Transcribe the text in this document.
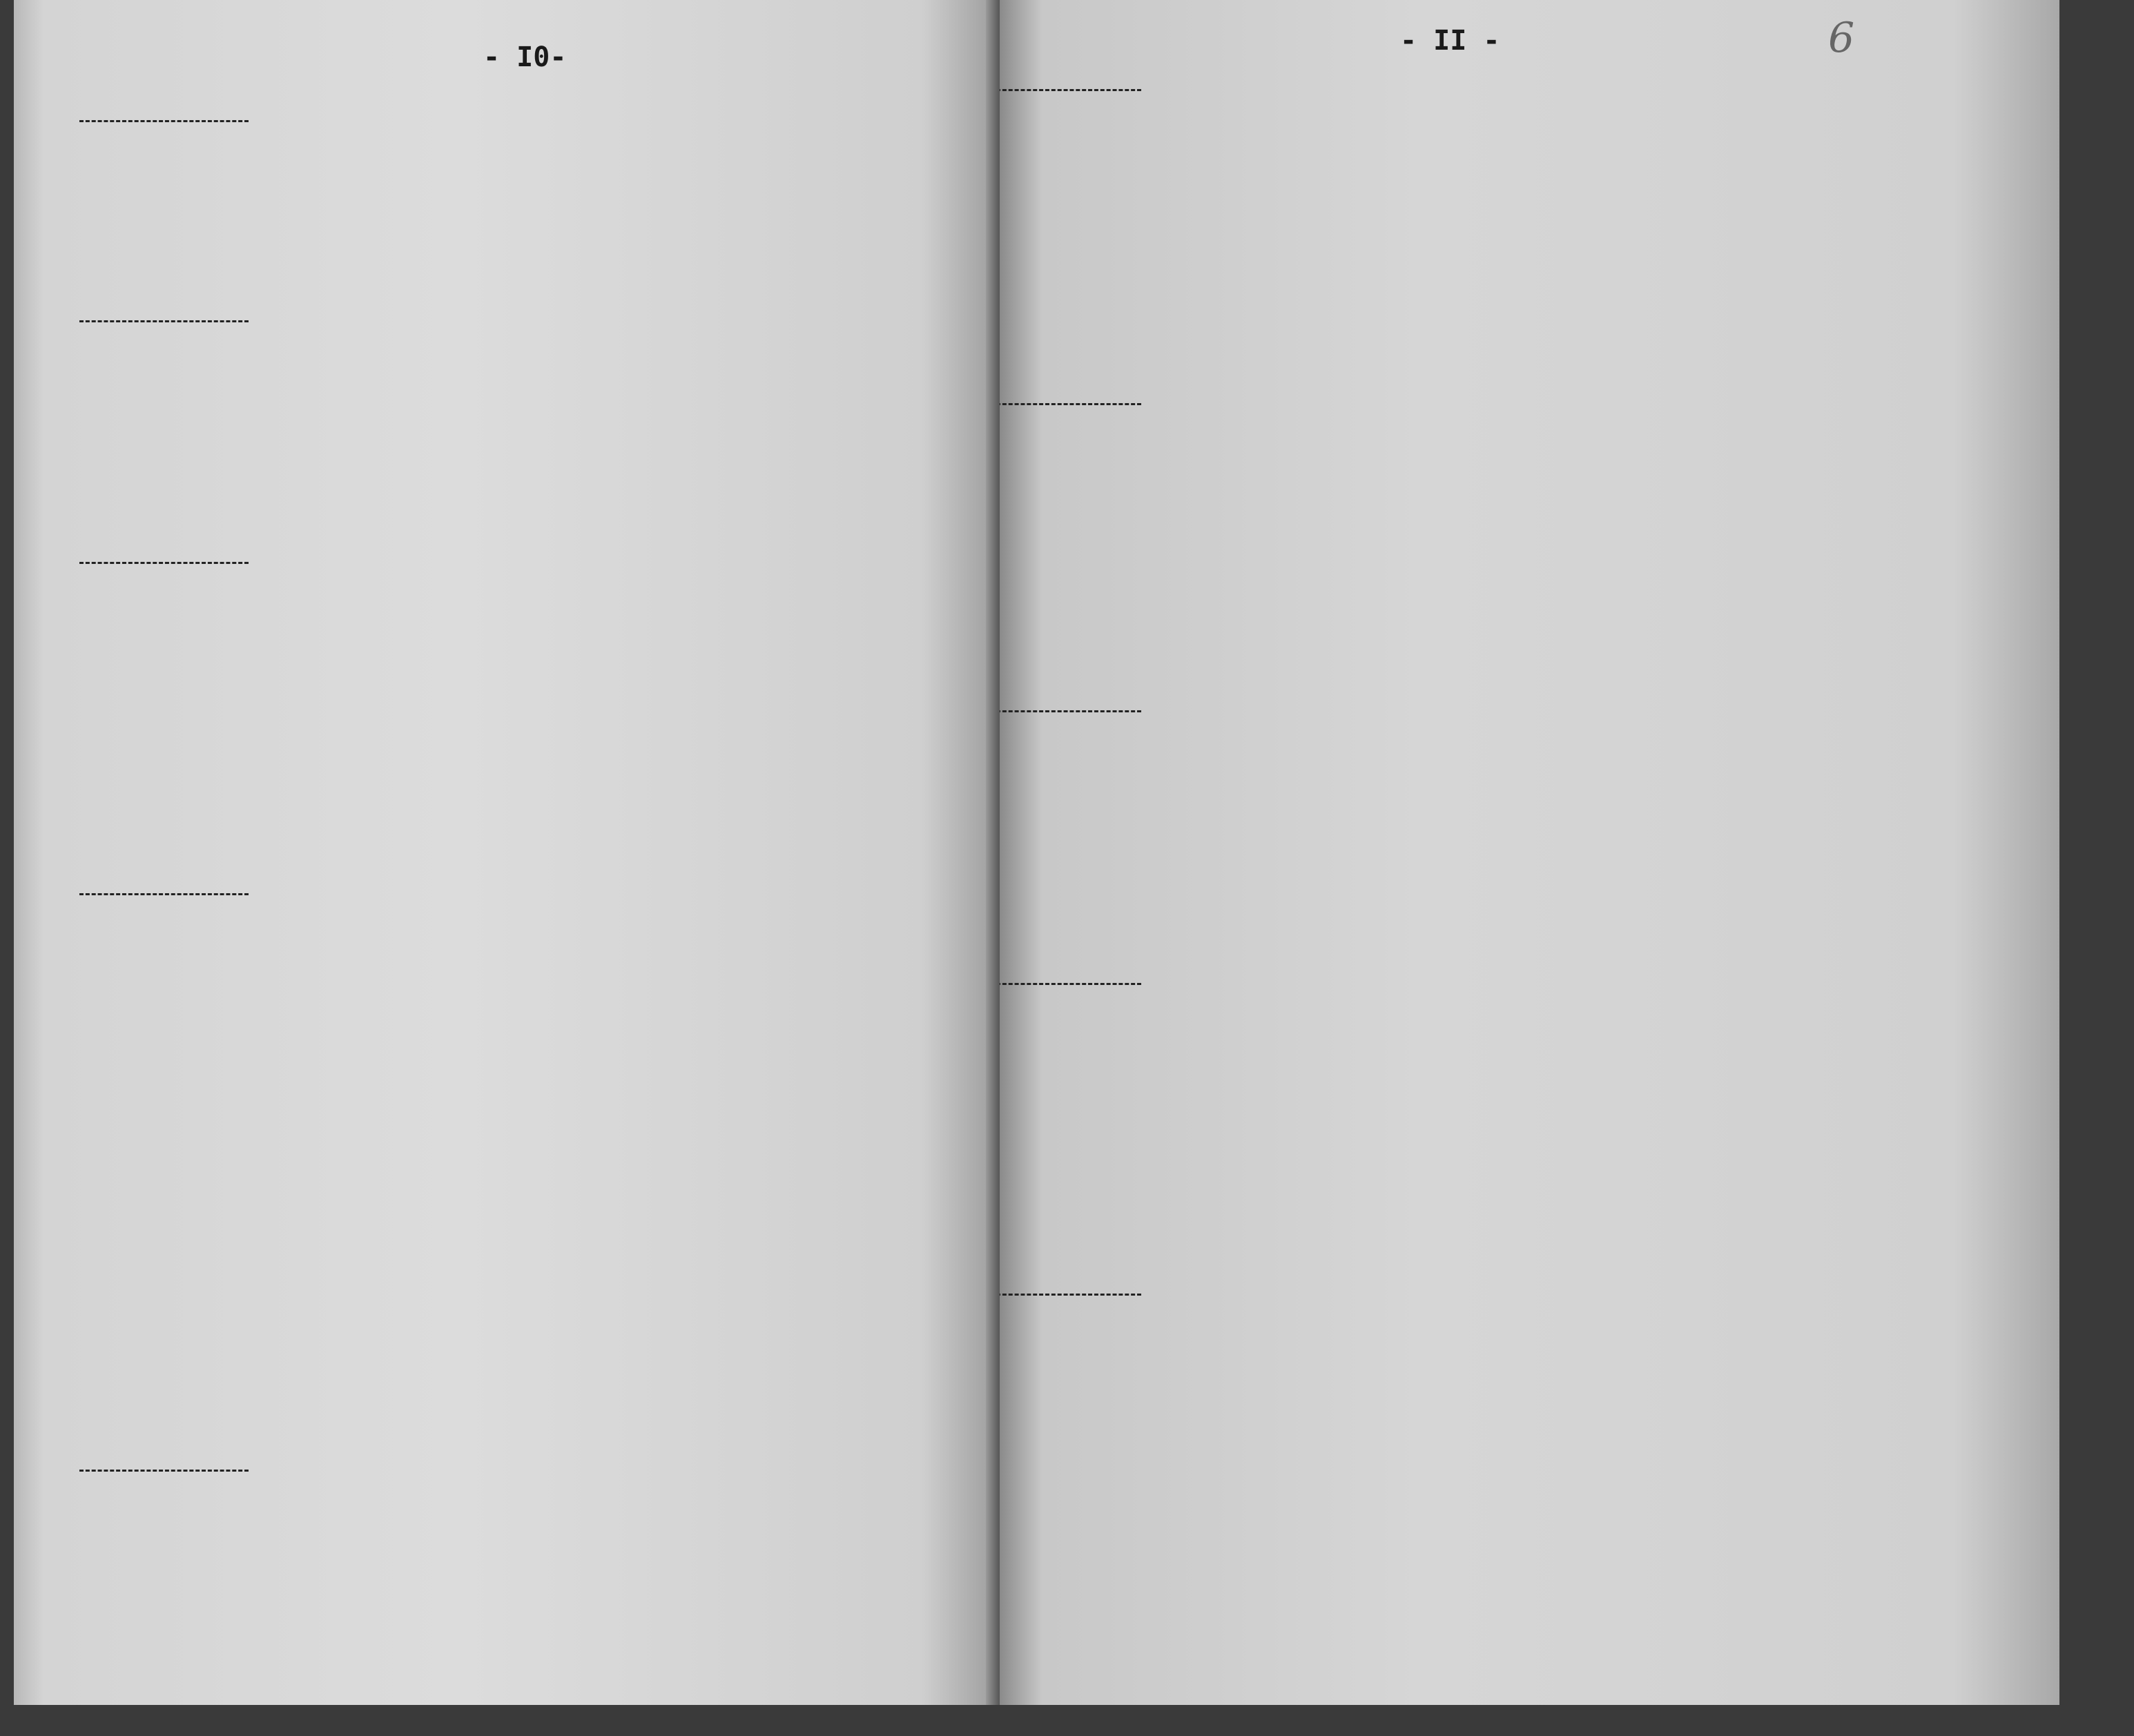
- I0-
- II -	6
